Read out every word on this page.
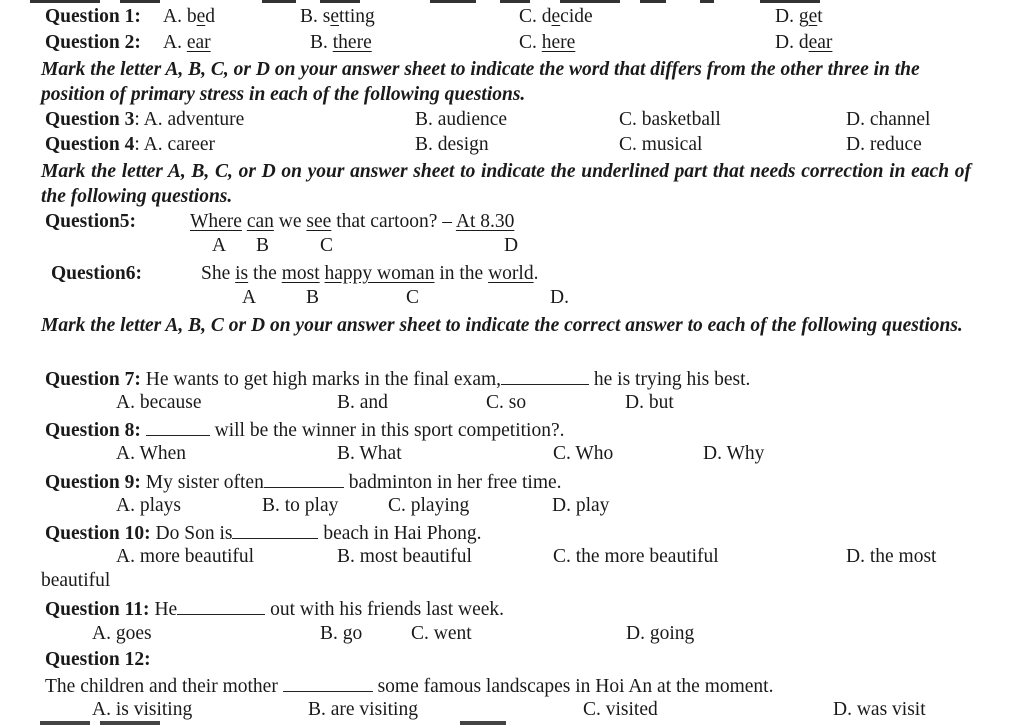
Question 1: A. bed	B. setting	C. decide	D. get
Question 2: A. ear	B. there	C. here	D. dear
Mark the letter A, B, C, or D on your answer sheet to indicate the word that differs from the other three in the position of primary stress in each of the following questions.
Question 3: A. adventure	B. audience	C. basketball	D. channel
Question 4: A. career	B. design	C. musical	D. reduce
Mark the letter A, B, C, or D on your answer sheet to indicate the underlined part that needs correction in each of the following questions.
Question5:	Where can we see that cartoon? – At 8.30
A B	C	D
Question6:	She is the most happy woman in the world.
A	B	C	D.
Mark the letter A, B, C or D on your answer sheet to indicate the correct answer to each of the following questions.
Question 7: He wants to get high marks in the final exam,	he is trying his best.
A. because	B. and	C. so	D. but
Question 8:	will be the winner in this sport competition?.
A. When	B. What	C. Who	D. Why
Question 9: My sister often	badminton in her free time.
A. plays	B. to play	C. playing	D. play
Question 10: Do Son is	beach in Hai Phong.
A. more beautiful	B. most beautiful	C. the more beautiful	D. the most
beautiful
Question 11: He	out with his friends last week.
A. goes	B. go C. went	D. going
Question 12:
The children and their mother	some famous landscapes in Hoi An at the moment.
A. is visiting	B. are visiting	C. visited	D. was visit
